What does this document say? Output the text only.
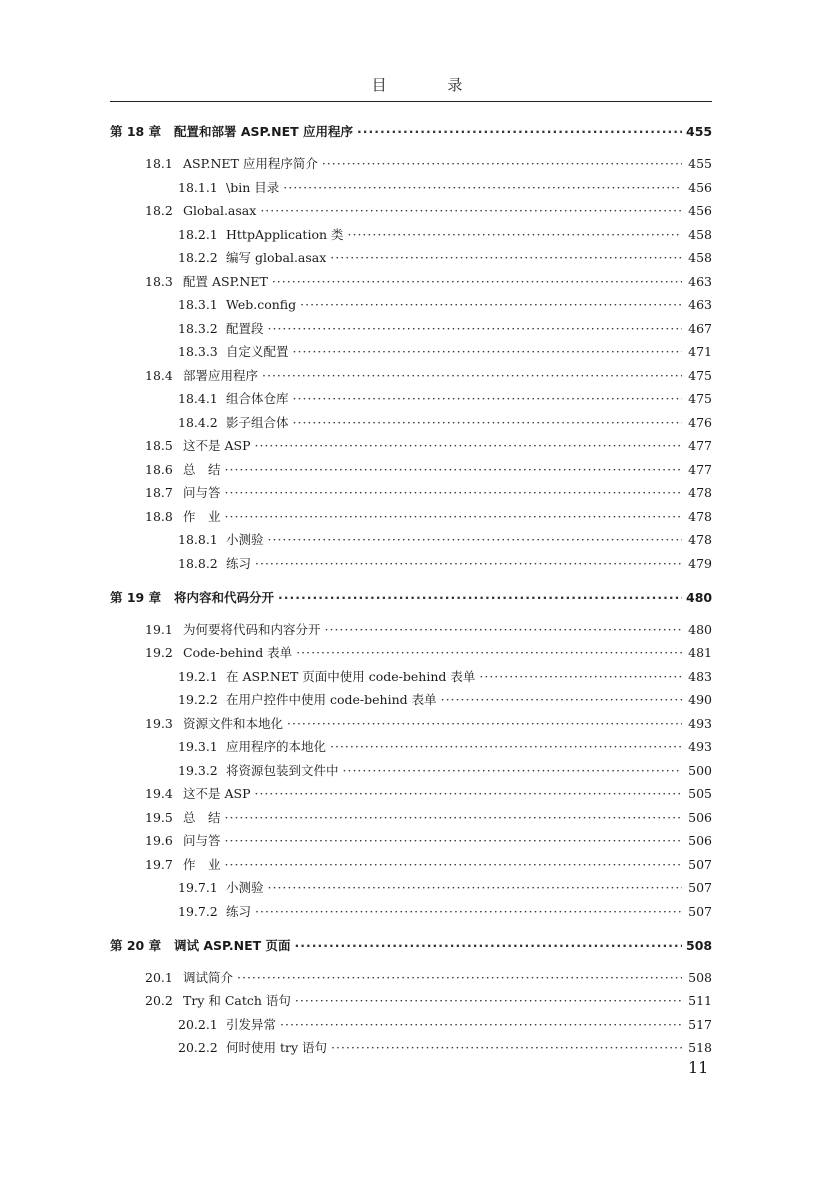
目 录
第 18 章	配置和部署 ASP.NET 应用程序 ·····	455
18.1 ASP.NET 应用程序简介 ·····	455
18.1.1 \bin 目录 ·····	456
18.2 Global.asax ·····	456
18.2.1 HttpApplication 类 ·····	458
18.2.2 编写 global.asax ·····	458
18.3 配置 ASP.NET ·····	463
18.3.1 Web.config ·····	463
18.3.2 配置段 ·····	467
18.3.3 自定义配置 ·····	471
18.4 部署应用程序 ·····	475
18.4.1 组合体仓库 ·····	475
18.4.2 影子组合体 ·····	476
18.5 这不是 ASP ·····	477
18.6 总　结 ·····	477
18.7 问与答 ·····	478
18.8 作　业 ·····	478
18.8.1 小测验 ·····	478
18.8.2 练习 ·····	479
第 19 章	将内容和代码分开 ·····	480
19.1 为何要将代码和内容分开 ·····	480
19.2 Code-behind 表单 ·····	481
19.2.1 在 ASP.NET 页面中使用 code-behind 表单 ·····	483
19.2.2 在用户控件中使用 code-behind 表单 ·····	490
19.3 资源文件和本地化 ·····	493
19.3.1 应用程序的本地化 ·····	493
19.3.2 将资源包装到文件中 ·····	500
19.4 这不是 ASP ·····	505
19.5 总　结 ·····	506
19.6 问与答 ·····	506
19.7 作　业 ·····	507
19.7.1 小测验 ·····	507
19.7.2 练习 ·····	507
第 20 章	调试 ASP.NET 页面 ·····	508
20.1 调试简介 ·····	508
20.2 Try 和 Catch 语句 ·····	511
20.2.1 引发异常 ·····	517
20.2.2 何时使用 try 语句 ·····	518
11
